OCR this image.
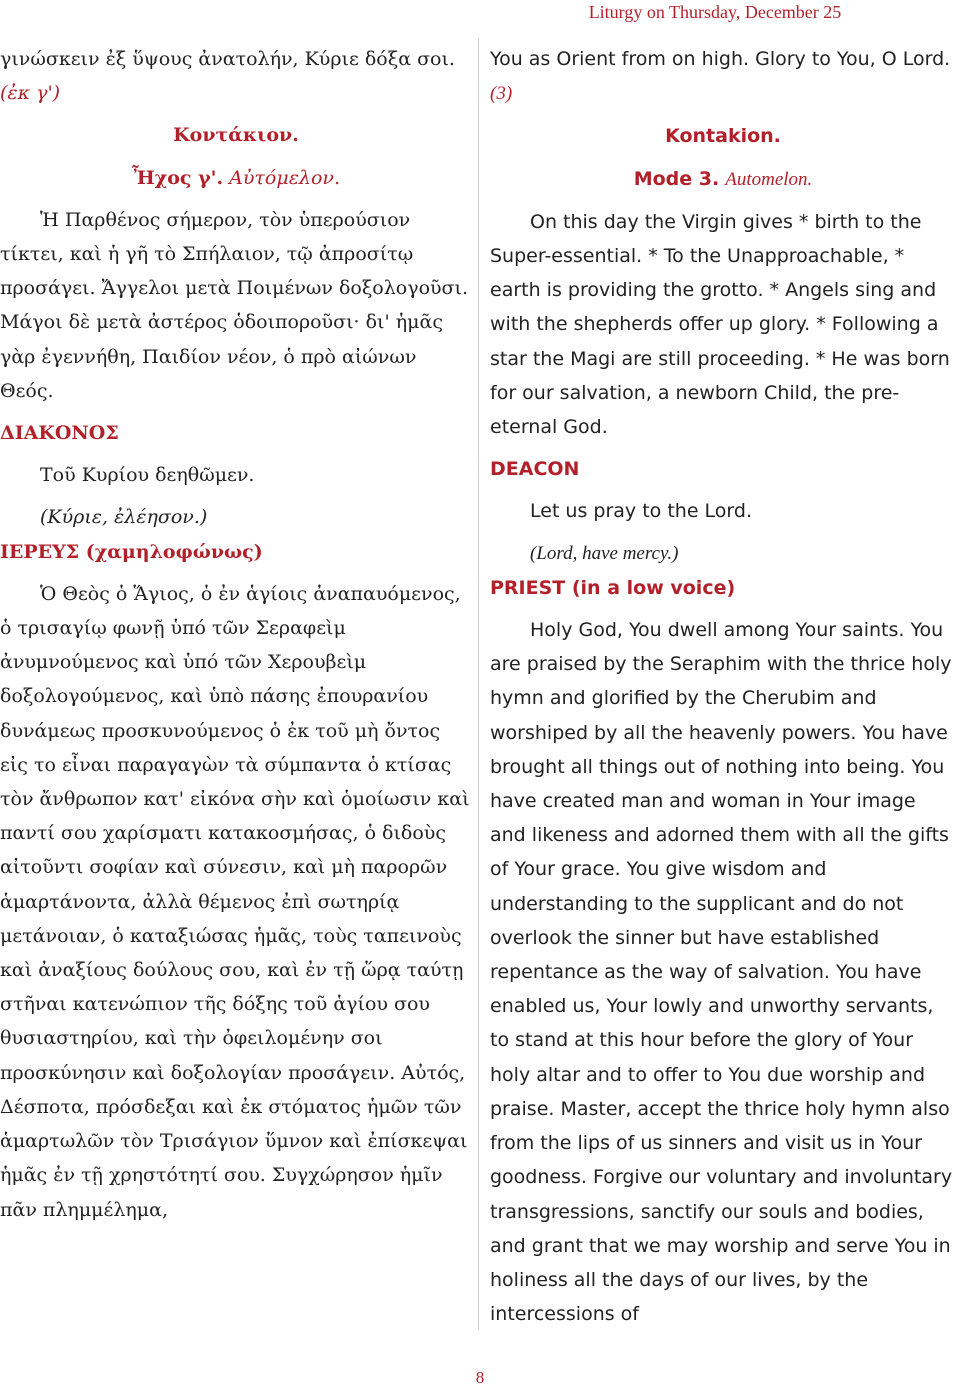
Liturgy on Thursday, December 25

γινώσκειν ἐξ ὕψους ἀνατολήν, Κύριε δόξα σοι. (ἐκ γ')

Κοντάκιον.

Ἦχος γ'. Αὐτόμελον.

Ἡ Παρθένος σήμερον, τὸν ὑπερούσιον τίκτει, καὶ ἡ γῆ τὸ Σπήλαιον, τῷ ἀπροσίτῳ προσάγει. Ἄγγελοι μετὰ Ποιμένων δοξολογοῦσι. Μάγοι δὲ μετὰ ἀστέρος ὁδοιποροῦσι· δι' ἡμᾶς γὰρ ἐγεννήθη, Παιδίον νέον, ὁ πρὸ αἰώνων Θεός.

ΔΙΑΚΟΝΟΣ

Τοῦ Κυρίου δεηθῶμεν.

(Κύριε, ἐλέησον.)

ΙΕΡΕΥΣ (χαμηλοφώνως)

Ὁ Θεὸς ὁ Ἅγιος, ὁ ἐν ἁγίοις ἀναπαυόμενος, ὁ τρισαγίῳ φωνῇ ὑπό τῶν Σεραφεὶμ ἀνυμνούμενος καὶ ὑπό τῶν Χερουβεὶμ δοξολογούμενος, καὶ ὑπὸ πάσης ἐπουρανίου δυνάμεως προσκυνούμενος ὁ ἐκ τοῦ μὴ ὄντος εἰς το εἶναι παραγαγὼν τὰ σύμπαντα ὁ κτίσας τὸν ἄνθρωπον κατ' εἰκόνα σὴν καὶ ὁμοίωσιν καὶ παντί σου χαρίσματι κατακοσμήσας, ὁ διδοὺς αἰτοῦντι σοφίαν καὶ σύνεσιν, καὶ μὴ παρορῶν ἁμαρτάνοντα, ἀλλὰ θέμενος ἐπὶ σωτηρίᾳ μετάνοιαν, ὁ καταξιώσας ἡμᾶς, τοὺς ταπεινοὺς καὶ ἀναξίους δούλους σου, καὶ ἐν τῇ ὥρᾳ ταύτῃ στῆναι κατενώπιον τῆς δόξης τοῦ ἁγίου σου θυσιαστηρίου, καὶ τὴν ὀφειλομένην σοι προσκύνησιν καὶ δοξολογίαν προσάγειν. Αὐτός, Δέσποτα, πρόσδεξαι καὶ ἐκ στόματος ἡμῶν τῶν ἁμαρτωλῶν τὸν Τρισάγιον ὕμνον καὶ ἐπίσκεψαι ἡμᾶς ἐν τῇ χρηστότητί σου. Συγχώρησον ἡμῖν πᾶν πλημμέλημα,

You as Orient from on high. Glory to You, O Lord. (3)

Kontakion.

Mode 3. Automelon.

On this day the Virgin gives * birth to the Super-essential. * To the Unapproachable, * earth is providing the grotto. * Angels sing and with the shepherds offer up glory. * Following a star the Magi are still proceeding. * He was born for our salvation, a newborn Child, the pre-eternal God.

DEACON

Let us pray to the Lord.

(Lord, have mercy.)

PRIEST (in a low voice)

Holy God, You dwell among Your saints. You are praised by the Seraphim with the thrice holy hymn and glorified by the Cherubim and worshiped by all the heavenly powers. You have brought all things out of nothing into being. You have created man and woman in Your image and likeness and adorned them with all the gifts of Your grace. You give wisdom and understanding to the supplicant and do not overlook the sinner but have established repentance as the way of salvation. You have enabled us, Your lowly and unworthy servants, to stand at this hour before the glory of Your holy altar and to offer to You due worship and praise. Master, accept the thrice holy hymn also from the lips of us sinners and visit us in Your goodness. Forgive our voluntary and involuntary transgressions, sanctify our souls and bodies, and grant that we may worship and serve You in holiness all the days of our lives, by the intercessions of

8
